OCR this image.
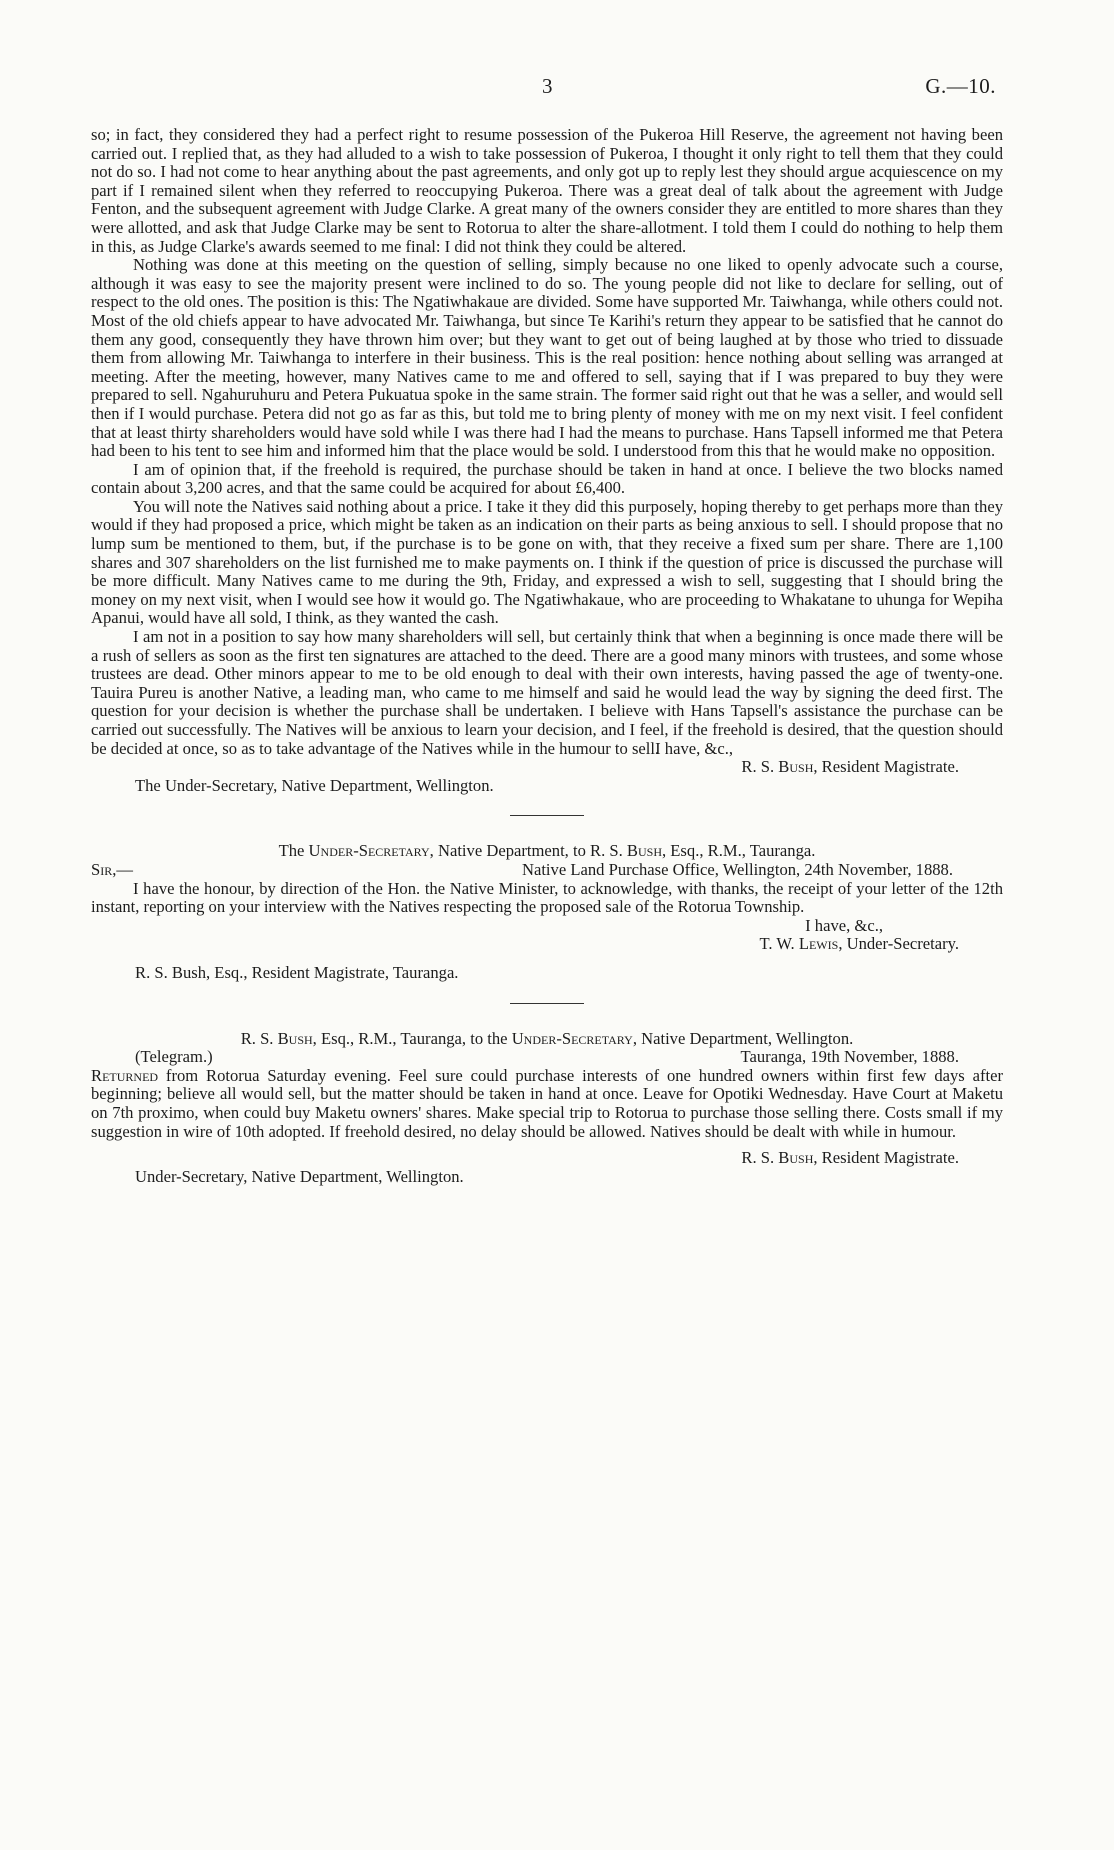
3	G.—10.

so; in fact, they considered they had a perfect right to resume possession of the Pukeroa Hill Reserve, the agreement not having been carried out. I replied that, as they had alluded to a wish to take possession of Pukeroa, I thought it only right to tell them that they could not do so. I had not come to hear anything about the past agreements, and only got up to reply lest they should argue acquiescence on my part if I remained silent when they referred to reoccupying Pukeroa. There was a great deal of talk about the agreement with Judge Fenton, and the subsequent agreement with Judge Clarke. A great many of the owners consider they are entitled to more shares than they were allotted, and ask that Judge Clarke may be sent to Rotorua to alter the share-allotment. I told them I could do nothing to help them in this, as Judge Clarke's awards seemed to me final: I did not think they could be altered.

Nothing was done at this meeting on the question of selling, simply because no one liked to openly advocate such a course, although it was easy to see the majority present were inclined to do so. The young people did not like to declare for selling, out of respect to the old ones. The position is this: The Ngatiwhakaue are divided. Some have supported Mr. Taiwhanga, while others could not. Most of the old chiefs appear to have advocated Mr. Taiwhanga, but since Te Karihi's return they appear to be satisfied that he cannot do them any good, consequently they have thrown him over; but they want to get out of being laughed at by those who tried to dissuade them from allowing Mr. Taiwhanga to interfere in their business. This is the real position: hence nothing about selling was arranged at meeting. After the meeting, however, many Natives came to me and offered to sell, saying that if I was prepared to buy they were prepared to sell. Ngahuruhuru and Petera Pukuatua spoke in the same strain. The former said right out that he was a seller, and would sell then if I would purchase. Petera did not go as far as this, but told me to bring plenty of money with me on my next visit. I feel confident that at least thirty shareholders would have sold while I was there had I had the means to purchase. Hans Tapsell informed me that Petera had been to his tent to see him and informed him that the place would be sold. I understood from this that he would make no opposition.

I am of opinion that, if the freehold is required, the purchase should be taken in hand at once. I believe the two blocks named contain about 3,200 acres, and that the same could be acquired for about £6,400.

You will note the Natives said nothing about a price. I take it they did this purposely, hoping thereby to get perhaps more than they would if they had proposed a price, which might be taken as an indication on their parts as being anxious to sell. I should propose that no lump sum be mentioned to them, but, if the purchase is to be gone on with, that they receive a fixed sum per share. There are 1,100 shares and 307 shareholders on the list furnished me to make payments on. I think if the question of price is discussed the purchase will be more difficult. Many Natives came to me during the 9th, Friday, and expressed a wish to sell, suggesting that I should bring the money on my next visit, when I would see how it would go. The Ngatiwhakaue, who are proceeding to Whakatane to uhunga for Wepiha Apanui, would have all sold, I think, as they wanted the cash.

I am not in a position to say how many shareholders will sell, but certainly think that when a beginning is once made there will be a rush of sellers as soon as the first ten signatures are attached to the deed. There are a good many minors with trustees, and some whose trustees are dead. Other minors appear to me to be old enough to deal with their own interests, having passed the age of twenty-one. Tauira Pureu is another Native, a leading man, who came to me himself and said he would lead the way by signing the deed first. The question for your decision is whether the purchase shall be undertaken. I believe with Hans Tapsell's assistance the purchase can be carried out successfully. The Natives will be anxious to learn your decision, and I feel, if the freehold is desired, that the question should be decided at once, so as to take advantage of the Natives while in the humour to sell.

I have, &c.,
R. S. Bush, Resident Magistrate.
The Under-Secretary, Native Department, Wellington.
The Under-Secretary, Native Department, to R. S. Bush, Esq., R.M., Tauranga.
Sir,—	Native Land Purchase Office, Wellington, 24th November, 1888.

I have the honour, by direction of the Hon. the Native Minister, to acknowledge, with thanks, the receipt of your letter of the 12th instant, reporting on your interview with the Natives respecting the proposed sale of the Rotorua Township.

I have, &c.,
T. W. Lewis, Under-Secretary.
R. S. Bush, Esq., Resident Magistrate, Tauranga.
R. S. Bush, Esq., R.M., Tauranga, to the Under-Secretary, Native Department, Wellington.
(Telegram.)	Tauranga, 19th November, 1888.

Returned from Rotorua Saturday evening. Feel sure could purchase interests of one hundred owners within first few days after beginning; believe all would sell, but the matter should be taken in hand at once. Leave for Opotiki Wednesday. Have Court at Maketu on 7th proximo, when could buy Maketu owners' shares. Make special trip to Rotorua to purchase those selling there. Costs small if my suggestion in wire of 10th adopted. If freehold desired, no delay should be allowed. Natives should be dealt with while in humour.

R. S. Bush, Resident Magistrate.
Under-Secretary, Native Department, Wellington.
